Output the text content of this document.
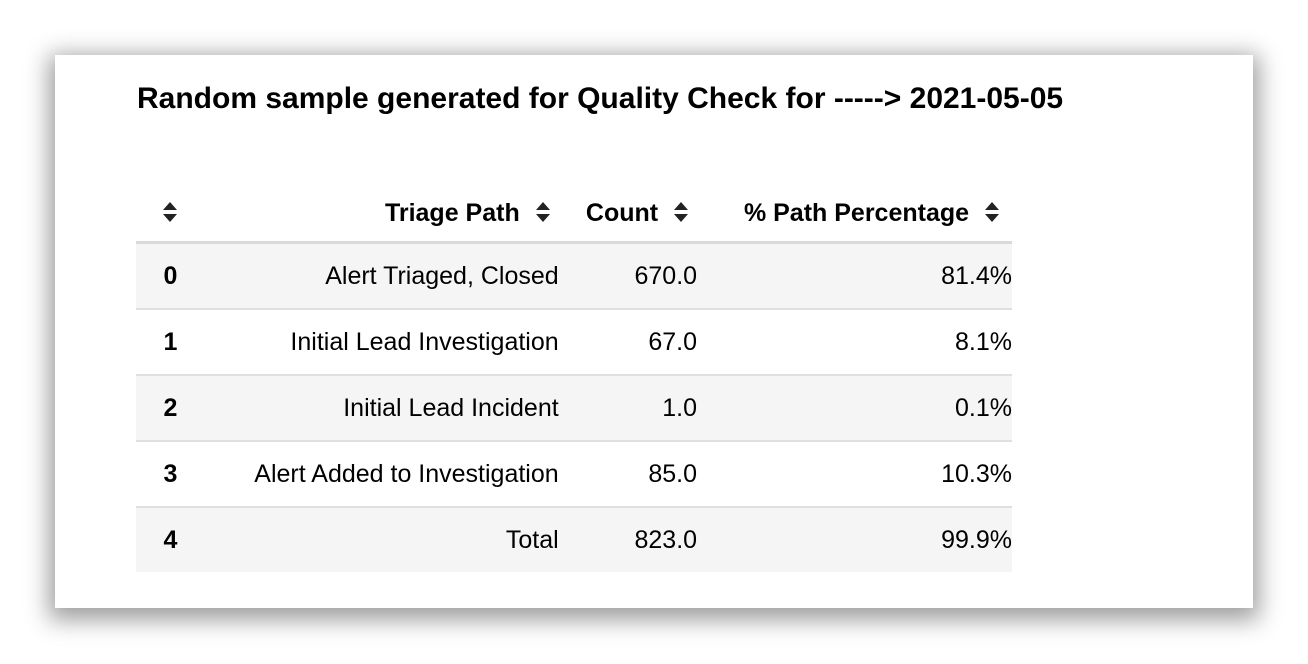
Random sample generated for Quality Check for -----> 2021-05-05
	Triage Path	Count	% Path Percentage

0	Alert Triaged, Closed	670.0	81.4%
1	Initial Lead Investigation	67.0	8.1%
2	Initial Lead Incident	1.0	0.1%
3	Alert Added to Investigation	85.0	10.3%
4	Total	823.0	99.9%
